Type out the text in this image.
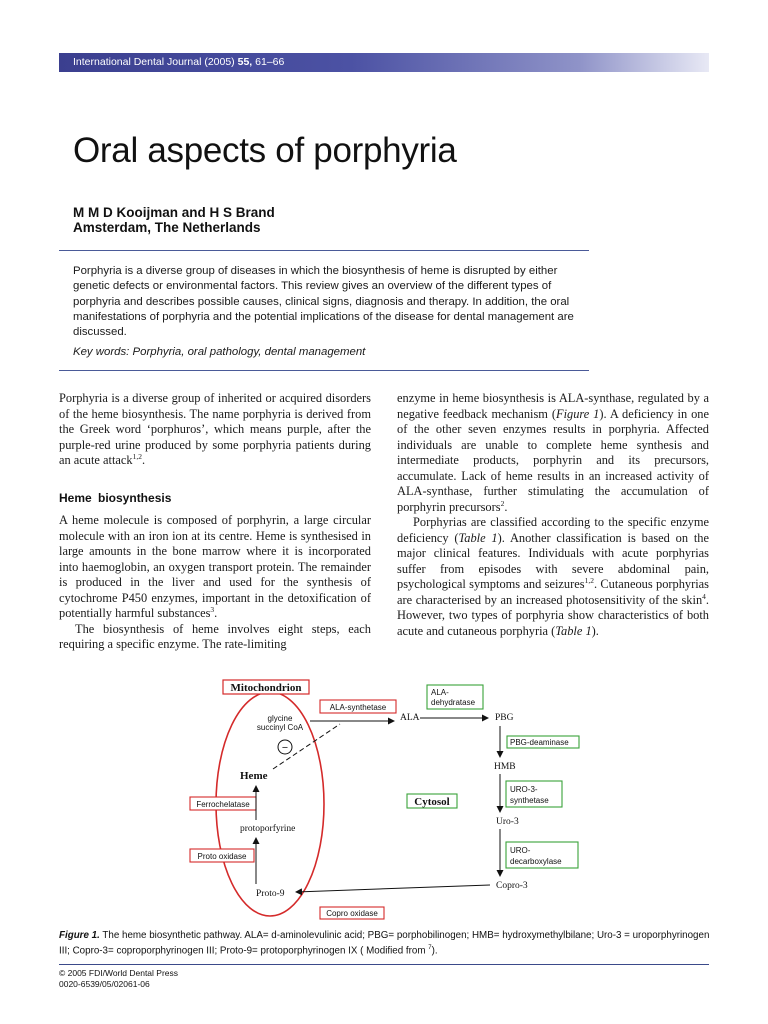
International Dental Journal (2005) 55, 61–66
Oral aspects of porphyria
M M D Kooijman and H S Brand
Amsterdam, The Netherlands
Porphyria is a diverse group of diseases in which the biosynthesis of heme is disrupted by either genetic defects or environmental factors. This review gives an overview of the different types of porphyria and describes possible causes, clinical signs, diagnosis and therapy. In addition, the oral manifestations of porphyria and the potential implications of the disease for dental management are discussed.
Key words: Porphyria, oral pathology, dental management

Porphyria is a diverse group of inherited or acquired disorders of the heme biosynthesis. The name porphyria is derived from the Greek word ‘porphuros’, which means purple, after the purple-red urine produced by some porphyria patients during an acute attack$^{1,2}$.

Heme biosynthesis

A heme molecule is composed of porphyrin, a large circular molecule with an iron ion at its centre. Heme is synthesised in large amounts in the bone marrow where it is incorporated into haemoglobin, an oxygen transport protein. The remainder is produced in the liver and used for the synthesis of cytochrome P450 enzymes, important in the detoxification of potentially harmful substances$^3$.

The biosynthesis of heme involves eight steps, each requiring a specific enzyme. The rate-limiting

enzyme in heme biosynthesis is ALA-synthase, regulated by a negative feedback mechanism (Figure 1). A deficiency in one of the other seven enzymes results in porphyria. Affected individuals are unable to complete heme synthesis and intermediate products, porphyrin and its precursors, accumulate. Lack of heme results in an increased activity of ALA-synthase, further stimulating the accumulation of porphyrin precursors$^2$.

Porphyrias are classified according to the specific enzyme deficiency (Table 1). Another classification is based on the major clinical features. Individuals with acute porphyrias suffer from episodes with severe abdominal pain, psychological symptoms and seizures$^{1,2}$. Cutaneous porphyrias are characterised by an increased photosensitivity of the skin$^4$. However, two types of porphyria show characteristics of both acute and cutaneous porphyria (Table 1).

Mitochondrion
ALA-synthetase
Ferrochelatase
Proto oxidase
Copro oxidase
ALA-
dehydratase
PBG-deaminase
URO-3-
synthetase
Cytosol
URO-
decarboxylase
glycine
succinyl CoA
ALA	PBG
HMB
Uro-3
Copro-3
Heme
protoporfyrine
Proto-9
−
Figure 1. The heme biosynthetic pathway. ALA= d-aminolevulinic acid; PBG= porphobilinogen; HMB= hydroxymethylbilane; Uro-3 = uroporphyrinogen III; Copro-3= coproporphyrinogen III; Proto-9= protoporphyrinogen IX ( Modified from $^7$).
© 2005 FDI/World Dental Press
0020-6539/05/02061-06
